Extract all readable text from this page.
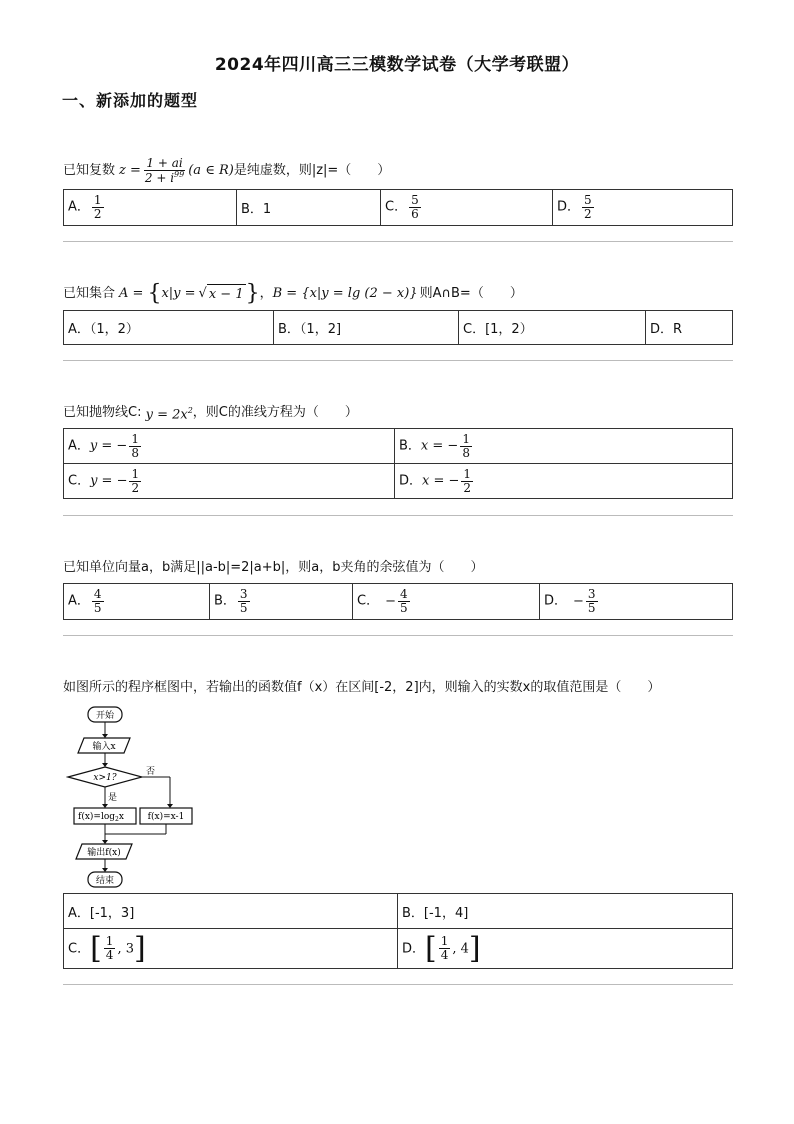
2024年四川高三三模数学试卷（大学考联盟）
一、新添加的题型
已知复数 $z = \frac{1 + ai}{2 + i^{99}} (a$ ∈ R) 是纯虚数，则|z|=（　　）
A． $\frac{1}{2}$	B．1	C． $\frac{5}{6}$	D． $\frac{5}{2}$
已知集合 A = { x|y = √ x − 1 } ， B = {x|y = lg (2 − x)} 则A∩B=（　　）
A．（1，2）	B．（1，2]	C．[1，2）	D．R
已知抛物线C: $y = 2x^2$ ，则C的准线方程为（　　）
A．y = − $\frac{1}{8}$	B．x = − $\frac{1}{8}$

C．y = − $\frac{1}{2}$	D．x = − $\frac{1}{2}$
已知单位向量a，b满足||a-b|=2|a+b|，则a，b夹角的余弦值为（　　）
A． $\frac{4}{5}$	B． $\frac{3}{5}$	C． − $\frac{4}{5}$	D． − $\frac{3}{5}$
如图所示的程序框图中，若输出的函数值f（x）在区间[-2，2]内，则输入的实数x的取值范围是（　　）
开始
输入x
x>1?
否
是
$f(x)=\log_2x$	f(x)=x-1
输出f(x)
结束
A．[-1，3]	B．[-1，4]
C．[ $\frac{1}{4}$ , 3]	D．[ $\frac{1}{4}$ , 4]
